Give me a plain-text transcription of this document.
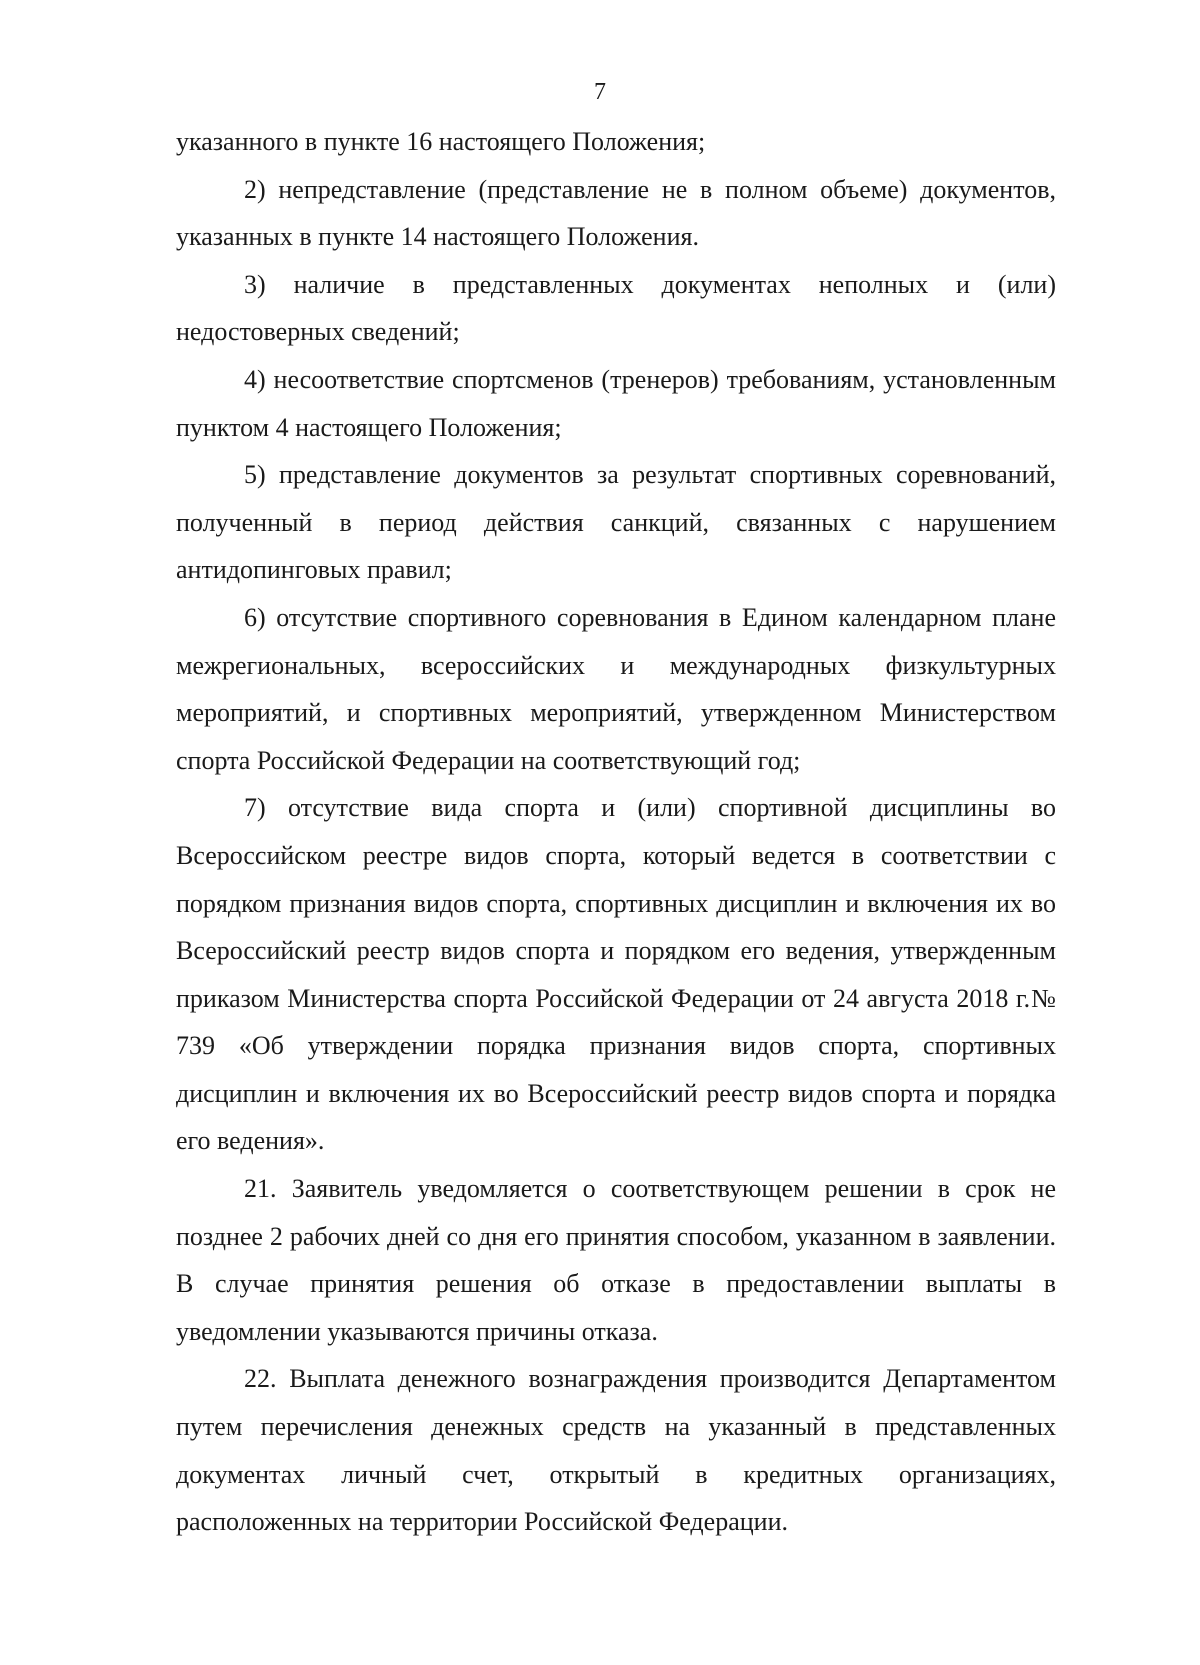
7

указанного в пункте 16 настоящего Положения;

2) непредставление (представление не в полном объеме) документов, указанных в пункте 14 настоящего Положения.

3) наличие в представленных документах неполных и (или) недостоверных сведений;

4) несоответствие спортсменов (тренеров) требованиям, установленным пунктом 4 настоящего Положения;

5) представление документов за результат спортивных соревнований, полученный в период действия санкций, связанных с нарушением антидопинговых правил;

6) отсутствие спортивного соревнования в Едином календарном плане межрегиональных, всероссийских и международных физкультурных мероприятий, и спортивных мероприятий, утвержденном Министерством спорта Российской Федерации на соответствующий год;

7) отсутствие вида спорта и (или) спортивной дисциплины во Всероссийском реестре видов спорта, который ведется в соответствии с порядком признания видов спорта, спортивных дисциплин и включения их во Всероссийский реестр видов спорта и порядком его ведения, утвержденным приказом Министерства спорта Российской Федерации от 24 августа 2018 г.№ 739 «Об утверждении порядка признания видов спорта, спортивных дисциплин и включения их во Всероссийский реестр видов спорта и порядка его ведения».

21. Заявитель уведомляется о соответствующем решении в срок не позднее 2 рабочих дней со дня его принятия способом, указанном в заявлении. В случае принятия решения об отказе в предоставлении выплаты в уведомлении указываются причины отказа.

22. Выплата денежного вознаграждения производится Департаментом путем перечисления денежных средств на указанный в представленных документах личный счет, открытый в кредитных организациях, расположенных на территории Российской Федерации.
